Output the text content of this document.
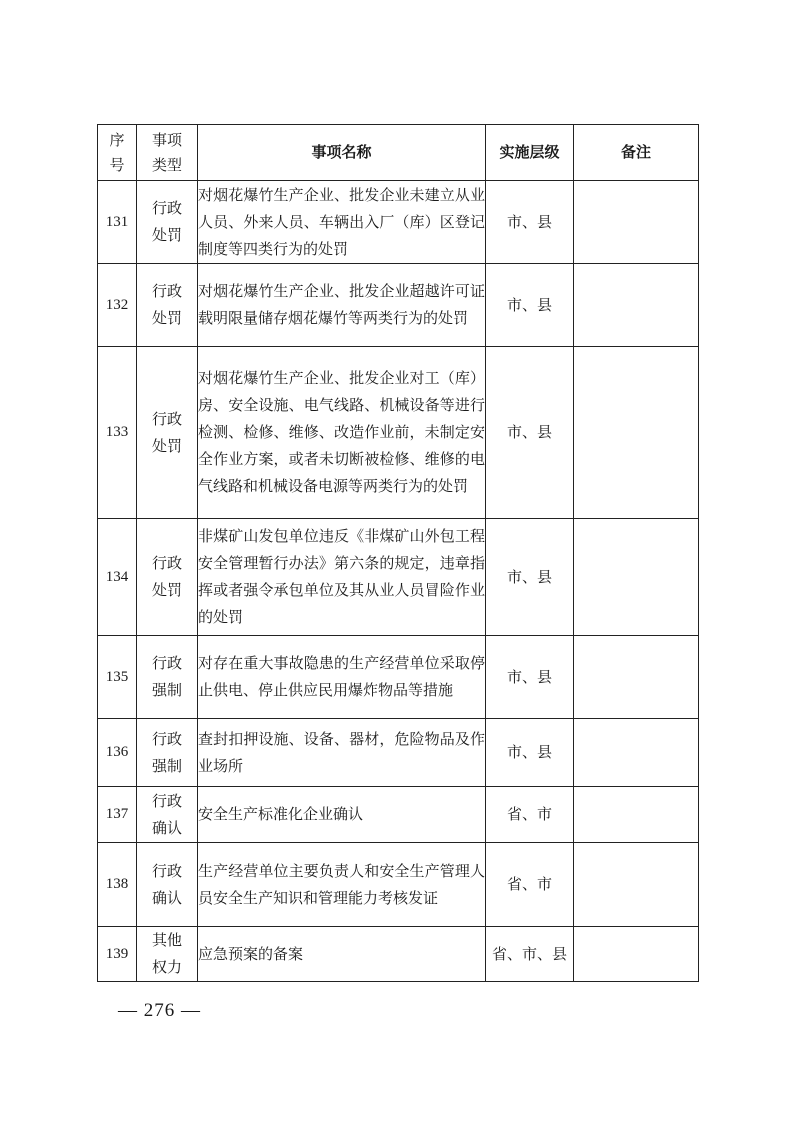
序号	事项类型	事项名称	实施层级	备注
131	行政处罚	对烟花爆竹生产企业、批发企业未建立从业人员、外来人员、车辆出入厂（库）区登记制度等四类行为的处罚	市、县	
132	行政处罚	对烟花爆竹生产企业、批发企业超越许可证载明限量储存烟花爆竹等两类行为的处罚	市、县	
133	行政处罚	对烟花爆竹生产企业、批发企业对工（库）房、安全设施、电气线路、机械设备等进行检测、检修、维修、改造作业前，未制定安全作业方案，或者未切断被检修、维修的电气线路和机械设备电源等两类行为的处罚	市、县	
134	行政处罚	非煤矿山发包单位违反《非煤矿山外包工程安全管理暂行办法》第六条的规定，违章指挥或者强令承包单位及其从业人员冒险作业的处罚	市、县	
135	行政强制	对存在重大事故隐患的生产经营单位采取停止供电、停止供应民用爆炸物品等措施	市、县	
136	行政强制	查封扣押设施、设备、器材，危险物品及作业场所	市、县	
137	行政确认	安全生产标准化企业确认	省、市	
138	行政确认	生产经营单位主要负责人和安全生产管理人员安全生产知识和管理能力考核发证	省、市	
139	其他权力	应急预案的备案	省、市、县	
— 276 —
